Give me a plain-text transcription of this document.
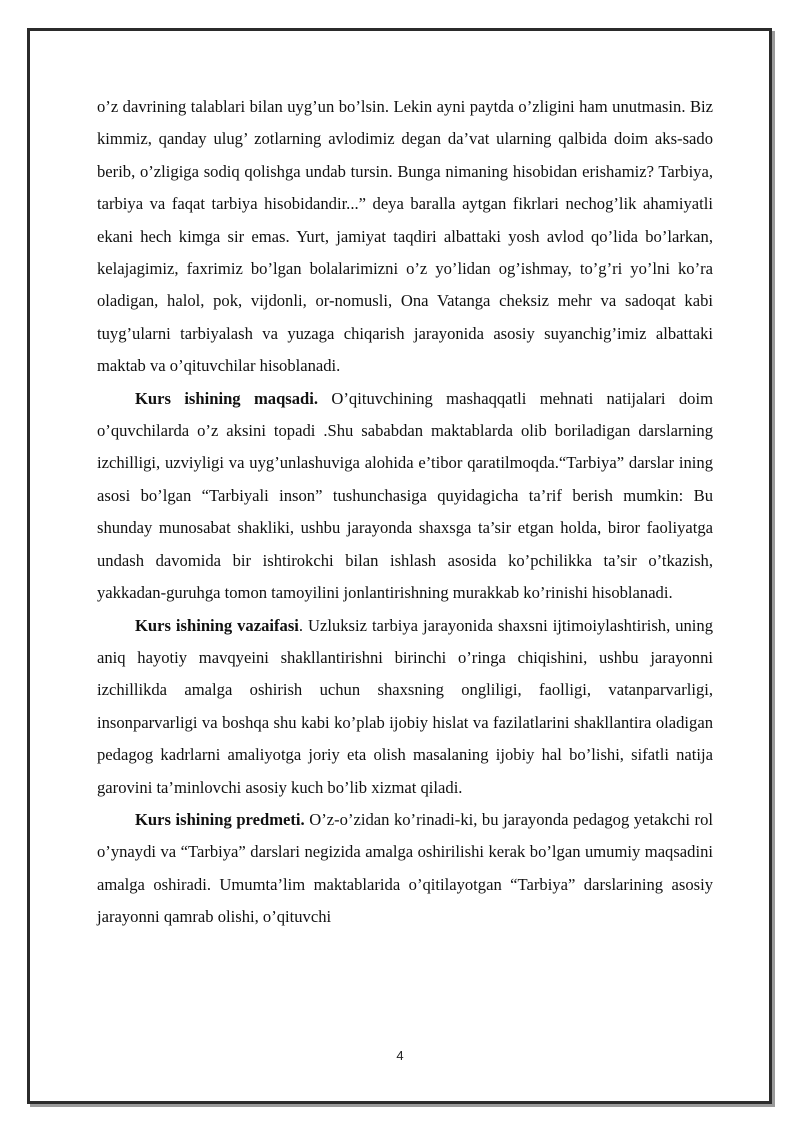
o’z davrining talablari bilan uyg’un bo’lsin. Lekin ayni paytda o’zligini ham unutmasin. Biz kimmiz, qanday ulug’ zotlarning avlodimiz degan da’vat ularning qalbida doim aks-sado berib, o’zligiga sodiq qolishga undab tursin. Bunga nimaning hisobidan erishamiz? Tarbiya, tarbiya va faqat tarbiya hisobidandir...” deya baralla aytgan fikrlari nechog’lik ahamiyatli ekani hech kimga sir emas. Yurt, jamiyat taqdiri albattaki yosh avlod qo’lida bo’larkan, kelajagimiz, faxrimiz bo’lgan bolalarimizni o’z yo’lidan og’ishmay, to’g’ri yo’lni ko’ra oladigan, halol, pok, vijdonli, or-nomusli, Ona Vatanga cheksiz mehr va sadoqat kabi tuyg’ularni tarbiyalash va yuzaga chiqarish jarayonida asosiy suyanchig’imiz albattaki maktab va o’qituvchilar hisoblanadi.

Kurs ishining maqsadi. O’qituvchining mashaqqatli mehnati natijalari doim o’quvchilarda o’z aksini topadi .Shu sababdan maktablarda olib boriladigan darslarning izchilligi, uzviyligi va uyg’unlashuviga alohida e’tibor qaratilmoqda.“Tarbiya” darslar ining asosi bo’lgan “Tarbiyali inson” tushunchasiga quyidagicha ta’rif berish mumkin: Bu shunday munosabat shakliki, ushbu jarayonda shaxsga ta’sir etgan holda, biror faoliyatga undash davomida bir ishtirokchi bilan ishlash asosida ko’pchilikka ta’sir o’tkazish, yakkadan-guruhga tomon tamoyilini jonlantirishning murakkab ko’rinishi hisoblanadi.

Kurs ishining vazaifasi. Uzluksiz tarbiya jarayonida shaxsni ijtimoiylashtirish, uning aniq hayotiy mavqyeini shakllantirishni birinchi o’ringa chiqishini, ushbu jarayonni izchillikda amalga oshirish uchun shaxsning ongliligi, faolligi, vatanparvarligi, insonparvarligi va boshqa shu kabi ko’plab ijobiy hislat va fazilatlarini shakllantira oladigan pedagog kadrlarni amaliyotga joriy eta olish masalaning ijobiy hal bo’lishi, sifatli natija garovini ta’minlovchi asosiy kuch bo’lib xizmat qiladi.

Kurs ishining predmeti. O’z-o’zidan ko’rinadi-ki, bu jarayonda pedagog yetakchi rol o’ynaydi va “Tarbiya” darslari negizida amalga oshirilishi kerak bo’lgan umumiy maqsadini amalga oshiradi. Umumta’lim maktablarida o’qitilayotgan “Tarbiya” darslarining asosiy jarayonni qamrab olishi, o’qituvchi

4
